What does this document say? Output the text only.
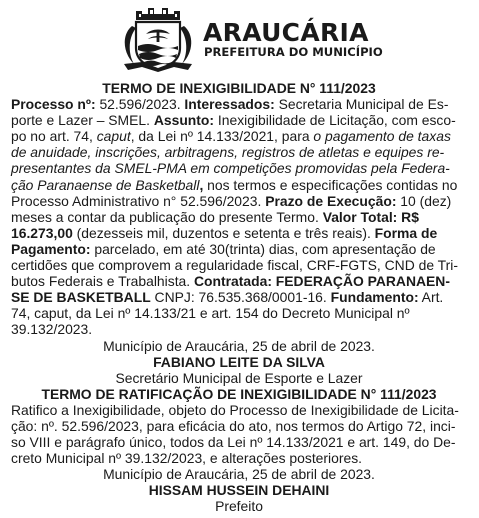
ARAUCÁRIA
PREFEITURA DO MUNICÍPIO

TERMO DE INEXIGIBILIDADE N° 111/2023

Processo nº: 52.596/2023. Interessados: Secretaria Municipal de Es-
porte e Lazer – SMEL. Assunto: Inexigibilidade de Licitação, com esco-
po no art. 74, caput, da Lei nº 14.133/2021, para o pagamento de taxas
de anuidade, inscrições, arbitragens, registros de atletas e equipes re-
presentantes da SMEL-PMA em competições promovidas pela Federa-
ção Paranaense de Basketball, nos termos e especificações contidas no
Processo Administrativo n° 52.596/2023. Prazo de Execução: 10 (dez)
meses a contar da publicação do presente Termo. Valor Total: R$
16.273,00 (dezesseis mil, duzentos e setenta e três reais). Forma de
Pagamento: parcelado, em até 30(trinta) dias, com apresentação de
certidões que comprovem a regularidade fiscal, CRF-FGTS, CND de Tri-
butos Federais e Trabalhista. Contratada: FEDERAÇÃO PARANAEN-
SE DE BASKETBALL CNPJ: 76.535.368/0001-16. Fundamento: Art.
74, caput, da Lei nº 14.133/21 e art. 154 do Decreto Municipal nº
39.132/2023.

Município de Araucária, 25 de abril de 2023.

FABIANO LEITE DA SILVA

Secretário Municipal de Esporte e Lazer

TERMO DE RATIFICAÇÃO DE INEXIGIBILIDADE N° 111/2023

Ratifico a Inexigibilidade, objeto do Processo de Inexigibilidade de Licita-
ção: nº. 52.596/2023, para eficácia do ato, nos termos do Artigo 72, inci-
so VIII e parágrafo único, todos da Lei nº 14.133/2021 e art. 149, do De-
creto Municipal nº 39.132/2023, e alterações posteriores.

Município de Araucária, 25 de abril de 2023.

HISSAM HUSSEIN DEHAINI

Prefeito
